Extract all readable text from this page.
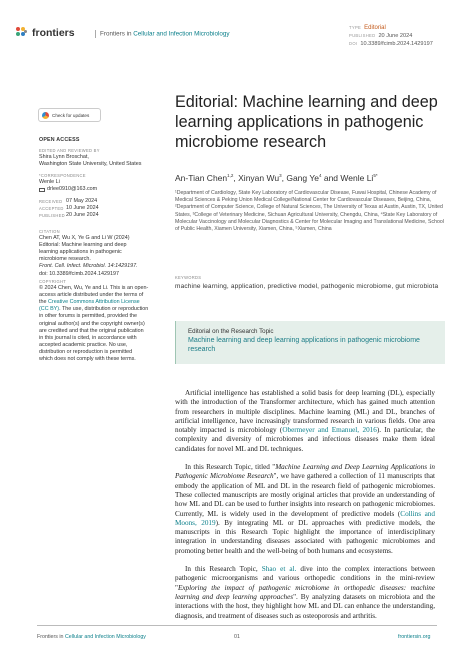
frontiers	Frontiers in Cellular and Infection Microbiology
TYPE Editorial
PUBLISHED 20 June 2024
DOI 10.3389/fcimb.2024.1429197
Check for updates
OPEN ACCESS
EDITED AND REVIEWED BY
Shira Lynn Broschat,
Washington State University, United States
*CORRESPONDENCE
Wenle Li
drlee0910@163.com
RECEIVED 07 May 2024
ACCEPTED 10 June 2024
PUBLISHED 20 June 2024
CITATION
Chen AT, Wu X, Ye G and Li W (2024)
Editorial: Machine learning and deep
learning applications in pathogenic
microbiome research.
Front. Cell. Infect. Microbiol. 14:1429197.
doi: 10.3389/fcimb.2024.1429197
COPYRIGHT
© 2024 Chen, Wu, Ye and Li. This is an open-
access article distributed under the terms of
the Creative Commons Attribution License
(CC BY). The use, distribution or reproduction
in other forums is permitted, provided the
original author(s) and the copyright owner(s)
are credited and that the original publication
in this journal is cited, in accordance with
accepted academic practice. No use,
distribution or reproduction is permitted
which does not comply with these terms.
Editorial: Machine learning and deep learning applications in pathogenic microbiome research
An-Tian Chen$^{1,2}$, Xinyan Wu$^3$, Gang Ye$^4$ and Wenle $Li^{5*}$
¹Department of Cardiology, State Key Laboratory of Cardiovascular Disease, Fuwai Hospital, Chinese Academy of Medical Sciences & Peking Union Medical College/National Center for Cardiovascular Diseases, Beijing, China, ²Department of Computer Science, College of Natural Sciences, The University of Texas at Austin, Austin, TX, United States, ³College of Veterinary Medicine, Sichuan Agricultural University, Chengdu, China, ⁴State Key Laboratory of Molecular Vaccinology and Molecular Diagnostics & Center for Molecular Imaging and Translational Medicine, School of Public Health, Xiamen University, Xiamen, China, ⁵Xiamen, China
KEYWORDS
machine learning, application, predictive model, pathogenic microbiome, gut microbiota
Editorial on the Research Topic
Machine learning and deep learning applications in pathogenic microbiome research

Artificial intelligence has established a solid basis for deep learning (DL), especially with the introduction of the Transformer architecture, which has gained much attention from researchers in multiple disciplines. Machine learning (ML) and DL, branches of artificial intelligence, have increasingly transformed research in various fields. One area notably impacted is microbiology (Obermeyer and Emanuel, 2016). In particular, the complexity and diversity of microbiomes and infectious diseases make them ideal candidates for novel ML and DL techniques.

In this Research Topic, titled "Machine Learning and Deep Learning Applications in Pathogenic Microbiome Research", we have gathered a collection of 11 manuscripts that embody the application of ML and DL in the research field of pathogenic microbiomes. These collected manuscripts are mostly original articles that provide an understanding of how ML and DL can be used to further insights into research on pathogenic microbiomes. Currently, ML is widely used in the development of predictive models (Collins and Moons, 2019). By integrating ML or DL approaches with predictive models, the manuscripts in this Research Topic highlight the importance of interdisciplinary integration in understanding diseases associated with pathogenic microbiomes and promoting better health and the well-being of both humans and ecosystems.

In this Research Topic, Shao et al. dive into the complex interactions between pathogenic microorganisms and various orthopedic conditions in the mini-review "Exploring the impact of pathogenic microbiome in orthopedic diseases: machine learning and deep learning approaches". By analyzing datasets on microbiota and the interactions with the host, they highlight how ML and DL can enhance the understanding, diagnosis, and treatment of diseases such as osteoporosis and arthritis.

Frontiers in Cellular and Infection Microbiology	01	frontiersin.org
